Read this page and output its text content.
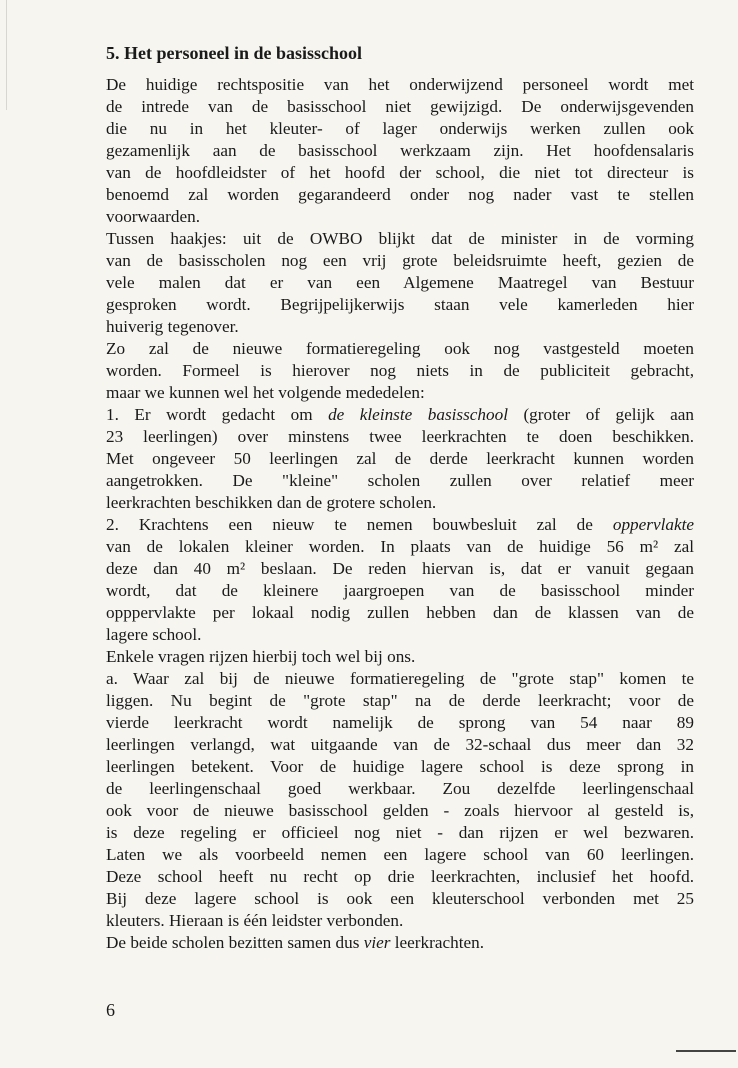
5. Het personeel in de basisschool
De huidige rechtspositie van het onderwijzend personeel wordt met
de intrede van de basisschool niet gewijzigd. De onderwijsgevenden
die nu in het kleuter- of lager onderwijs werken zullen ook
gezamenlijk aan de basisschool werkzaam zijn. Het hoofdensalaris
van de hoofdleidster of het hoofd der school, die niet tot directeur is
benoemd zal worden gegarandeerd onder nog nader vast te stellen
voorwaarden.
Tussen haakjes: uit de OWBO blijkt dat de minister in de vorming
van de basisscholen nog een vrij grote beleidsruimte heeft, gezien de
vele malen dat er van een Algemene Maatregel van Bestuur
gesproken wordt. Begrijpelijkerwijs staan vele kamerleden hier
huiverig tegenover.
Zo zal de nieuwe formatieregeling ook nog vastgesteld moeten
worden. Formeel is hierover nog niets in de publiciteit gebracht,
maar we kunnen wel het volgende mededelen:
1. Er wordt gedacht om de kleinste basisschool (groter of gelijk aan
23 leerlingen) over minstens twee leerkrachten te doen beschikken.
Met ongeveer 50 leerlingen zal de derde leerkracht kunnen worden
aangetrokken. De "kleine" scholen zullen over relatief meer
leerkrachten beschikken dan de grotere scholen.
2. Krachtens een nieuw te nemen bouwbesluit zal de oppervlakte
van de lokalen kleiner worden. In plaats van de huidige 56 m² zal
deze dan 40 m² beslaan. De reden hiervan is, dat er vanuit gegaan
wordt, dat de kleinere jaargroepen van de basisschool minder
opppervlakte per lokaal nodig zullen hebben dan de klassen van de
lagere school.
Enkele vragen rijzen hierbij toch wel bij ons.
a. Waar zal bij de nieuwe formatieregeling de "grote stap" komen te
liggen. Nu begint de "grote stap" na de derde leerkracht; voor de
vierde leerkracht wordt namelijk de sprong van 54 naar 89
leerlingen verlangd, wat uitgaande van de 32-schaal dus meer dan 32
leerlingen betekent. Voor de huidige lagere school is deze sprong in
de leerlingenschaal goed werkbaar. Zou dezelfde leerlingenschaal
ook voor de nieuwe basisschool gelden - zoals hiervoor al gesteld is,
is deze regeling er officieel nog niet - dan rijzen er wel bezwaren.
Laten we als voorbeeld nemen een lagere school van 60 leerlingen.
Deze school heeft nu recht op drie leerkrachten, inclusief het hoofd.
Bij deze lagere school is ook een kleuterschool verbonden met 25
kleuters. Hieraan is één leidster verbonden.
De beide scholen bezitten samen dus vier leerkrachten.
6
